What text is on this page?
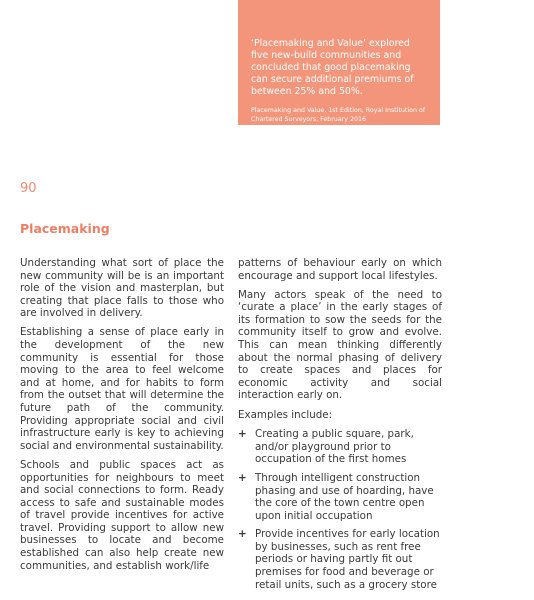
‘Placemaking and Value’ explored five new-build communities and concluded that good placemaking can secure additional premiums of between 25% and 50%.

Placemaking and Value, 1st Edition, Royal Institution of Chartered Surveyors, February 2016

90

Placemaking

Understanding what sort of place the new community will be is an important role of the vision and masterplan, but creating that place falls to those who are involved in delivery.

Establishing a sense of place early in the development of the new community is essential for those moving to the area to feel welcome and at home, and for habits to form from the outset that will determine the future path of the community. Providing appropriate social and civil infrastructure early is key to achieving social and environmental sustainability.

Schools and public spaces act as opportunities for neighbours to meet and social connections to form. Ready access to safe and sustainable modes of travel provide incentives for active travel. Providing support to allow new businesses to locate and become established can also help create new communities, and establish work/life

patterns of behaviour early on which encourage and support local lifestyles.

Many actors speak of the need to ‘curate a place’ in the early stages of its formation to sow the seeds for the community itself to grow and evolve. This can mean thinking differently about the normal phasing of delivery to create spaces and places for economic activity and social interaction early on.

Examples include:

+ Creating a public square, park, and/or playground prior to occupation of the first homes
+ Through intelligent construction phasing and use of hoarding, have the core of the town centre open upon initial occupation
+ Provide incentives for early location by businesses, such as rent free periods or having partly fit out premises for food and beverage or retail units, such as a grocery store
